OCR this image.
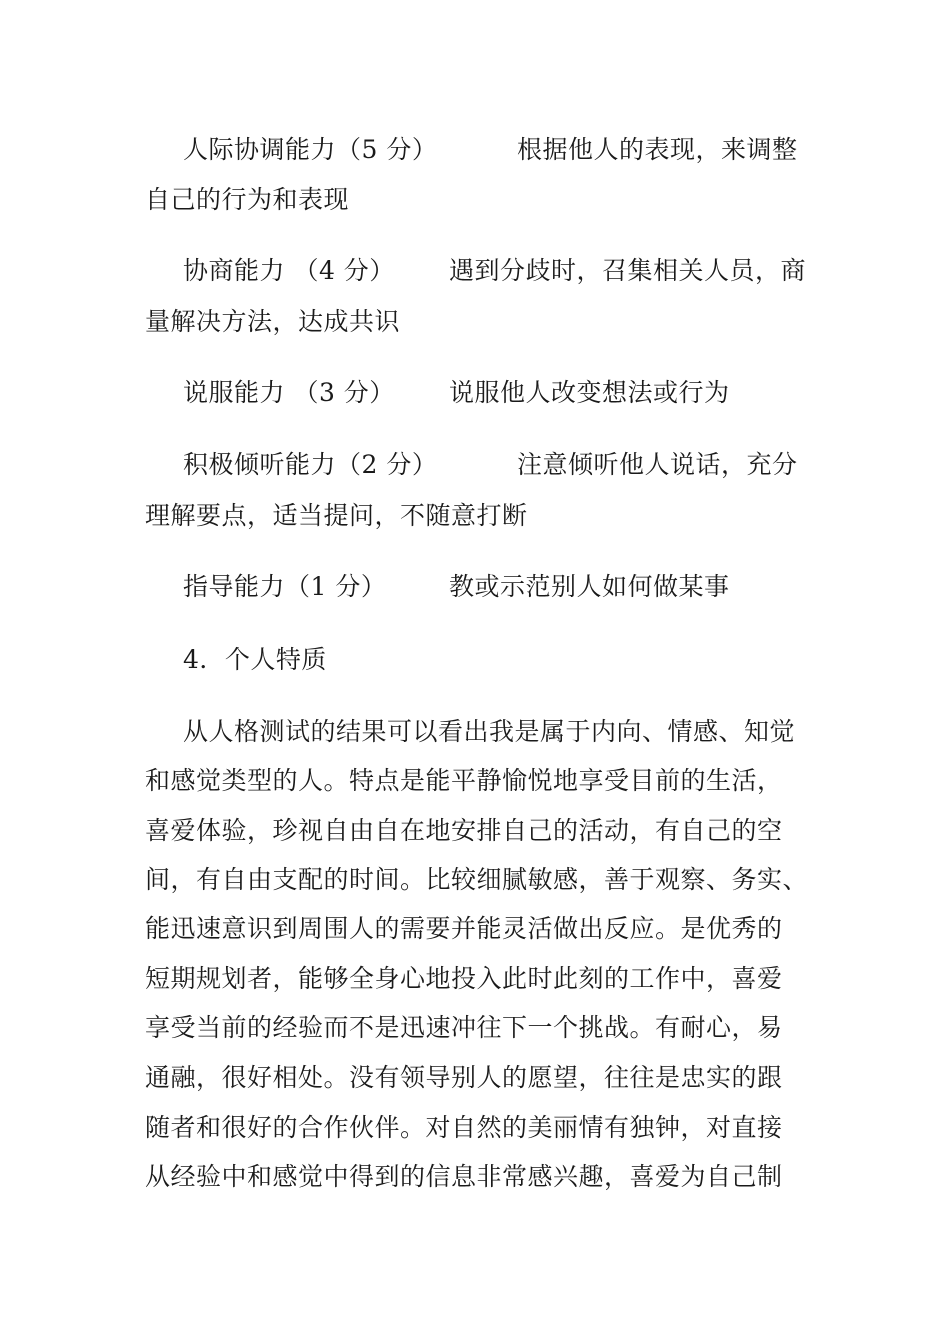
人际协调能力（5 分）	根据他人的表现，来调整
自己的行为和表现
协商能力 （4 分） 遇到分歧时，召集相关人员，商
量解决方法，达成共识
说服能力 （3 分） 说服他人改变想法或行为
积极倾听能力（2 分）	注意倾听他人说话，充分
理解要点，适当提问，不随意打断
指导能力（1 分）	教或示范别人如何做某事
4．个人特质
从人格测试的结果可以看出我是属于内向、情感、知觉
和感觉类型的人。特点是能平静愉悦地享受目前的生活，
喜爱体验，珍视自由自在地安排自己的活动，有自己的空
间，有自由支配的时间。比较细腻敏感，善于观察、务实、
能迅速意识到周围人的需要并能灵活做出反应。是优秀的
短期规划者，能够全身心地投入此时此刻的工作中，喜爱
享受当前的经验而不是迅速冲往下一个挑战。有耐心，易
通融，很好相处。没有领导别人的愿望，往往是忠实的跟
随者和很好的合作伙伴。对自然的美丽情有独钟，对直接
从经验中和感觉中得到的信息非常感兴趣，喜爱为自己制
